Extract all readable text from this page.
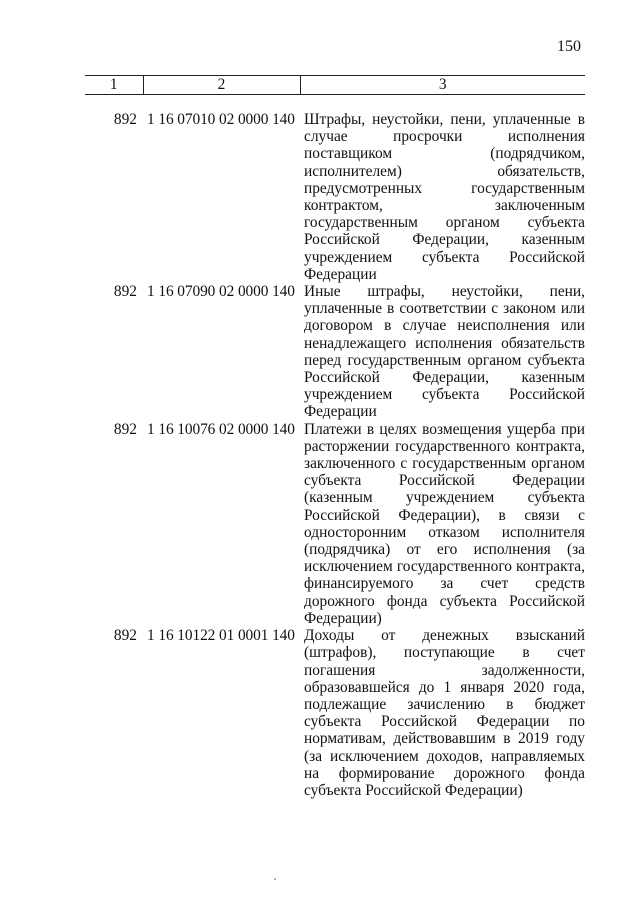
150
1	2	3
892	1 16 07010 02 0000 140	Штрафы, неустойки, пени, уплаченные в случае просрочки исполнения поставщиком (подрядчиком, исполнителем) обязательств, предусмотренных государственным контрактом, заключенным государственным органом субъекта Российской Федерации, казенным учреждением субъекта Российской Федерации
892	1 16 07090 02 0000 140	Иные штрафы, неустойки, пени, уплаченные в соответствии с законом или договором в случае неисполнения или ненадлежащего исполнения обязательств перед государственным органом субъекта Российской Федерации, казенным учреждением субъекта Российской Федерации
892	1 16 10076 02 0000 140	Платежи в целях возмещения ущерба при расторжении государственного контракта, заключенного с государственным органом субъекта Российской Федерации (казенным учреждением субъекта Российской Федерации), в связи с односторонним отказом исполнителя (подрядчика) от его исполнения (за исключением государственного контракта, финансируемого за счет средств дорожного фонда субъекта Российской Федерации)
892	1 16 10122 01 0001 140	Доходы от денежных взысканий (штрафов), поступающие в счет погашения задолженности, образовавшейся до 1 января 2020 года, подлежащие зачислению в бюджет субъекта Российской Федерации по нормативам, действовавшим в 2019 году (за исключением доходов, направляемых на формирование дорожного фонда субъекта Российской Федерации)
